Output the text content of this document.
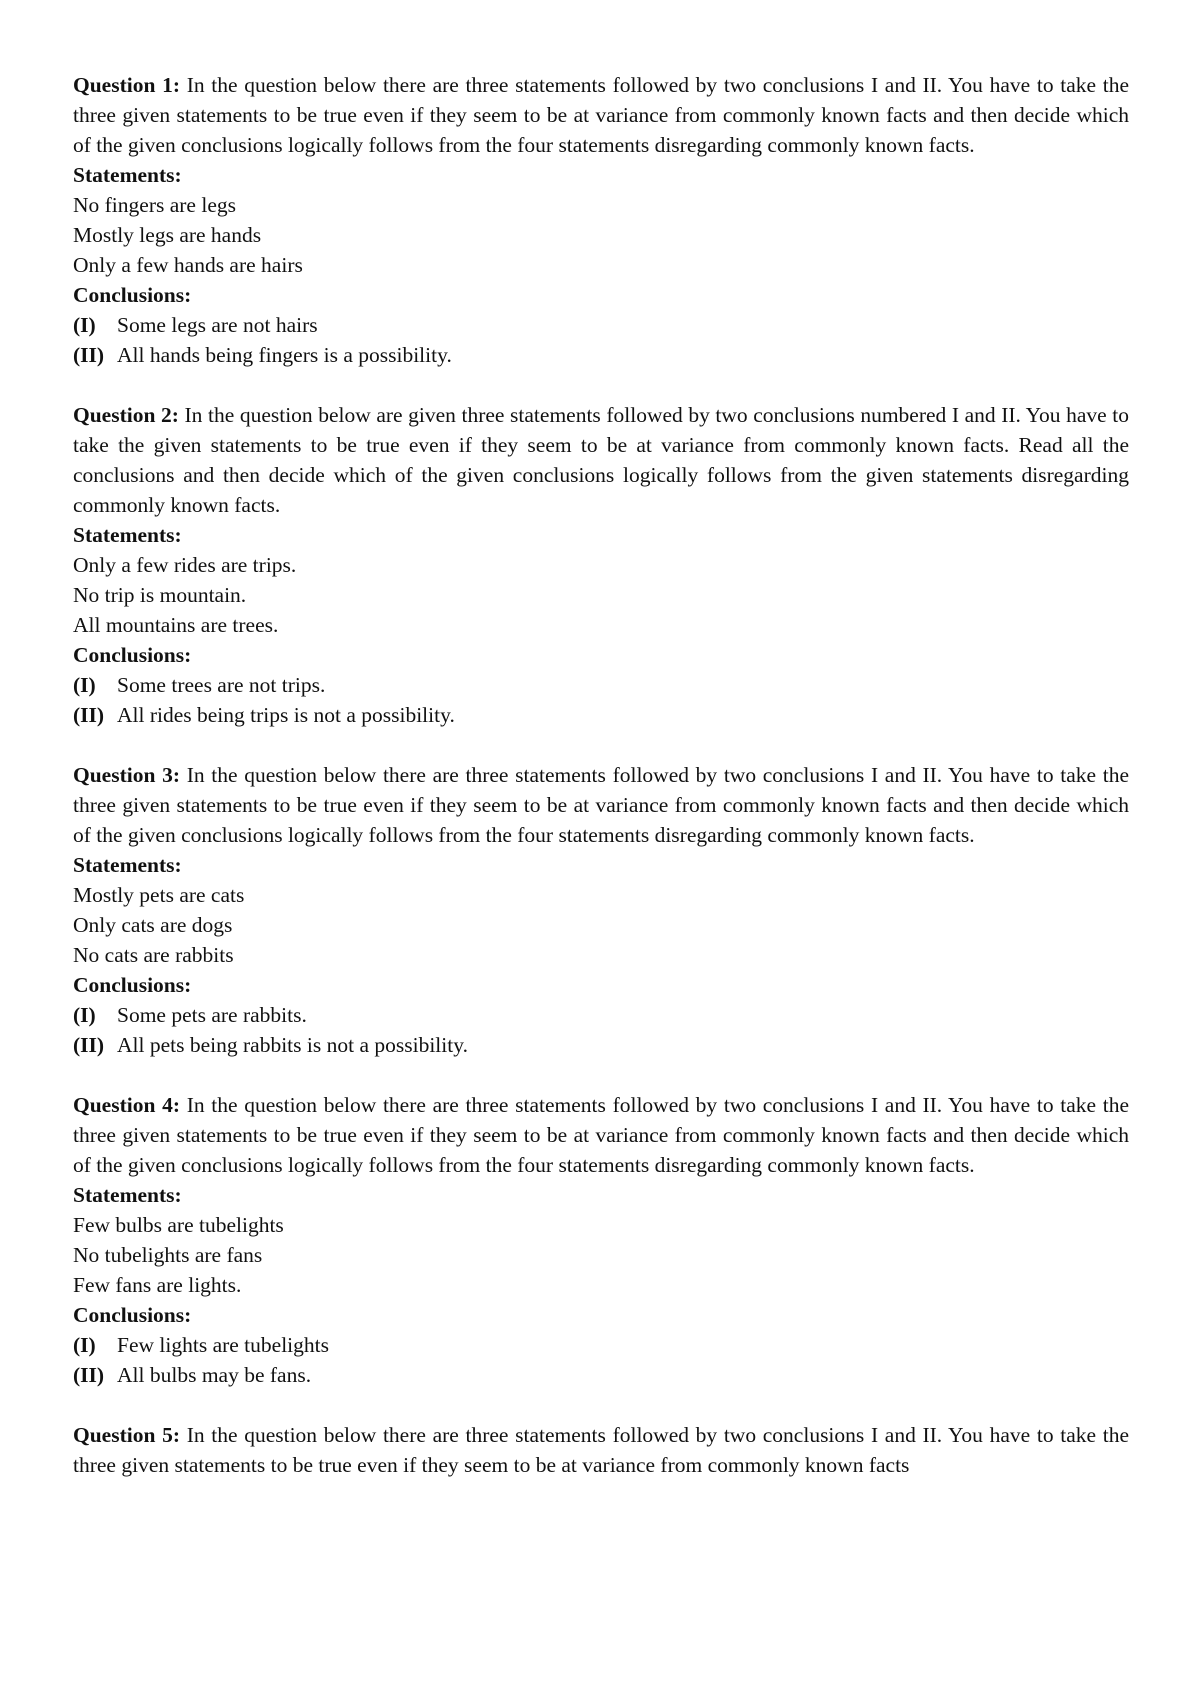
Question 1: In the question below there are three statements followed by two conclusions I and II. You have to take the three given statements to be true even if they seem to be at variance from commonly known facts and then decide which of the given conclusions logically follows from the four statements disregarding commonly known facts.

Statements:

No fingers are legs

Mostly legs are hands

Only a few hands are hairs

Conclusions:

(I) Some legs are not hairs

(II) All hands being fingers is a possibility.

Question 2: In the question below are given three statements followed by two conclusions numbered I and II. You have to take the given statements to be true even if they seem to be at variance from commonly known facts. Read all the conclusions and then decide which of the given conclusions logically follows from the given statements disregarding commonly known facts.

Statements:

Only a few rides are trips.

No trip is mountain.

All mountains are trees.

Conclusions:

(I) Some trees are not trips.

(II) All rides being trips is not a possibility.

Question 3: In the question below there are three statements followed by two conclusions I and II. You have to take the three given statements to be true even if they seem to be at variance from commonly known facts and then decide which of the given conclusions logically follows from the four statements disregarding commonly known facts.

Statements:

Mostly pets are cats

Only cats are dogs

No cats are rabbits

Conclusions:

(I) Some pets are rabbits.

(II) All pets being rabbits is not a possibility.

Question 4: In the question below there are three statements followed by two conclusions I and II. You have to take the three given statements to be true even if they seem to be at variance from commonly known facts and then decide which of the given conclusions logically follows from the four statements disregarding commonly known facts.

Statements:

Few bulbs are tubelights

No tubelights are fans

Few fans are lights.

Conclusions:

(I) Few lights are tubelights

(II) All bulbs may be fans.

Question 5: In the question below there are three statements followed by two conclusions I and II. You have to take the three given statements to be true even if they seem to be at variance from commonly known facts
